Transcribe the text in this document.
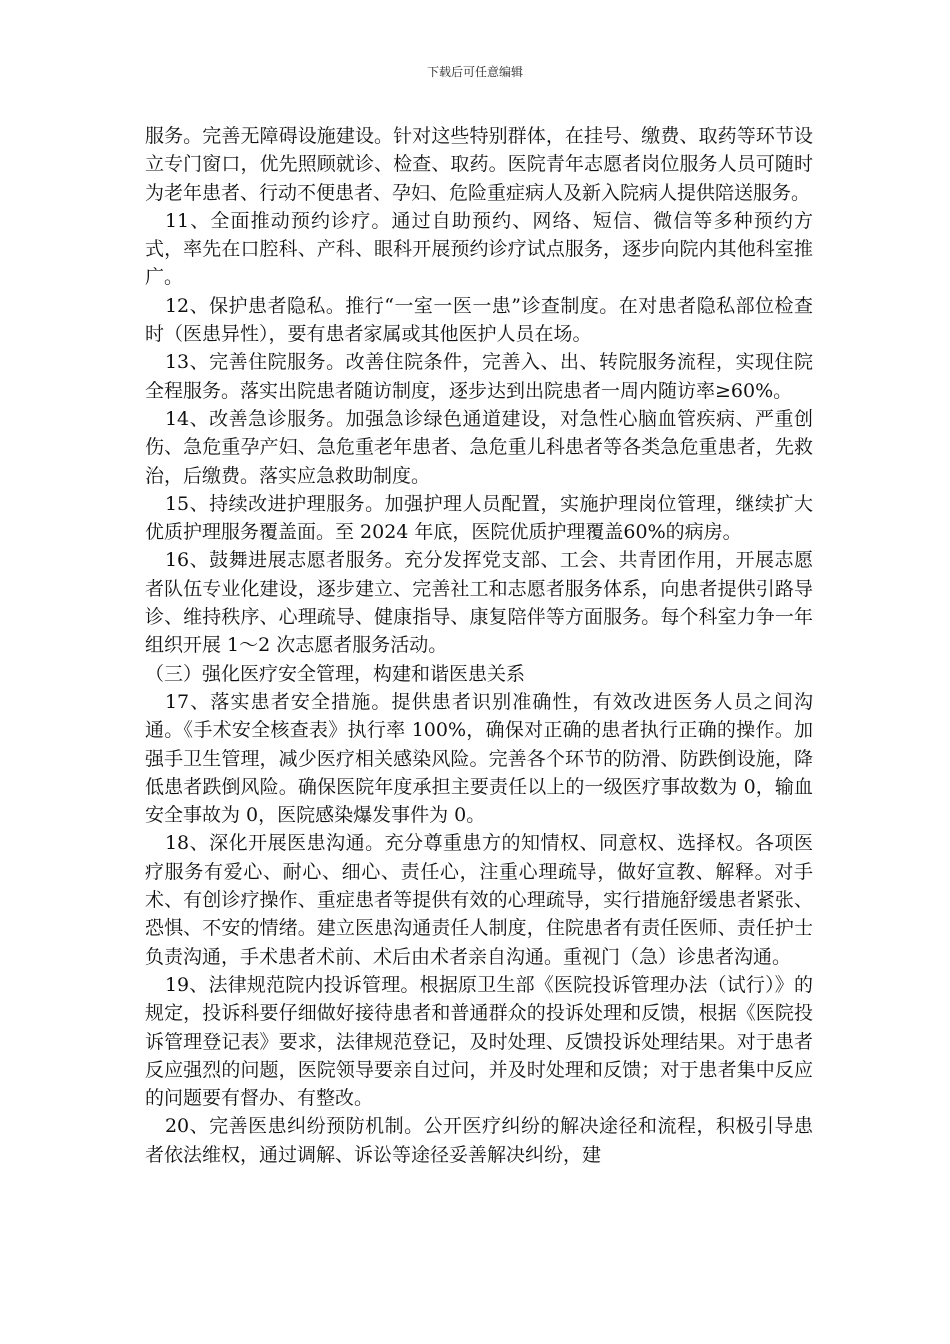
下载后可任意编辑

服务。完善无障碍设施建设。针对这些特别群体，在挂号、缴费、取药等环节设立专门窗口，优先照顾就诊、检查、取药。医院青年志愿者岗位服务人员可随时为老年患者、行动不便患者、孕妇、危险重症病人及新入院病人提供陪送服务。

11、全面推动预约诊疗。通过自助预约、网络、短信、微信等多种预约方式，率先在口腔科、产科、眼科开展预约诊疗试点服务，逐步向院内其他科室推广。

12、保护患者隐私。推行“一室一医一患”诊查制度。在对患者隐私部位检查时（医患异性），要有患者家属或其他医护人员在场。

13、完善住院服务。改善住院条件，完善入、出、转院服务流程，实现住院全程服务。落实出院患者随访制度，逐步达到出院患者一周内随访率≥60%。

14、改善急诊服务。加强急诊绿色通道建设，对急性心脑血管疾病、严重创伤、急危重孕产妇、急危重老年患者、急危重儿科患者等各类急危重患者，先救治，后缴费。落实应急救助制度。

15、持续改进护理服务。加强护理人员配置，实施护理岗位管理，继续扩大优质护理服务覆盖面。至 2024 年底，医院优质护理覆盖60%的病房。

16、鼓舞进展志愿者服务。充分发挥党支部、工会、共青团作用，开展志愿者队伍专业化建设，逐步建立、完善社工和志愿者服务体系，向患者提供引路导诊、维持秩序、心理疏导、健康指导、康复陪伴等方面服务。每个科室力争一年组织开展 1～2 次志愿者服务活动。

（三）强化医疗安全管理，构建和谐医患关系

17、落实患者安全措施。提供患者识别准确性，有效改进医务人员之间沟通。《手术安全核查表》执行率 100%，确保对正确的患者执行正确的操作。加强手卫生管理，减少医疗相关感染风险。完善各个环节的防滑、防跌倒设施，降低患者跌倒风险。确保医院年度承担主要责任以上的一级医疗事故数为 0，输血安全事故为 0，医院感染爆发事件为 0。

18、深化开展医患沟通。充分尊重患方的知情权、同意权、选择权。各项医疗服务有爱心、耐心、细心、责任心，注重心理疏导，做好宣教、解释。对手术、有创诊疗操作、重症患者等提供有效的心理疏导，实行措施舒缓患者紧张、恐惧、不安的情绪。建立医患沟通责任人制度，住院患者有责任医师、责任护士负责沟通，手术患者术前、术后由术者亲自沟通。重视门（急）诊患者沟通。

19、法律规范院内投诉管理。根据原卫生部《医院投诉管理办法（试行）》的规定，投诉科要仔细做好接待患者和普通群众的投诉处理和反馈，根据《医院投诉管理登记表》要求，法律规范登记，及时处理、反馈投诉处理结果。对于患者反应强烈的问题，医院领导要亲自过问，并及时处理和反馈；对于患者集中反应的问题要有督办、有整改。

20、完善医患纠纷预防机制。公开医疗纠纷的解决途径和流程，积极引导患者依法维权，通过调解、诉讼等途径妥善解决纠纷，建
